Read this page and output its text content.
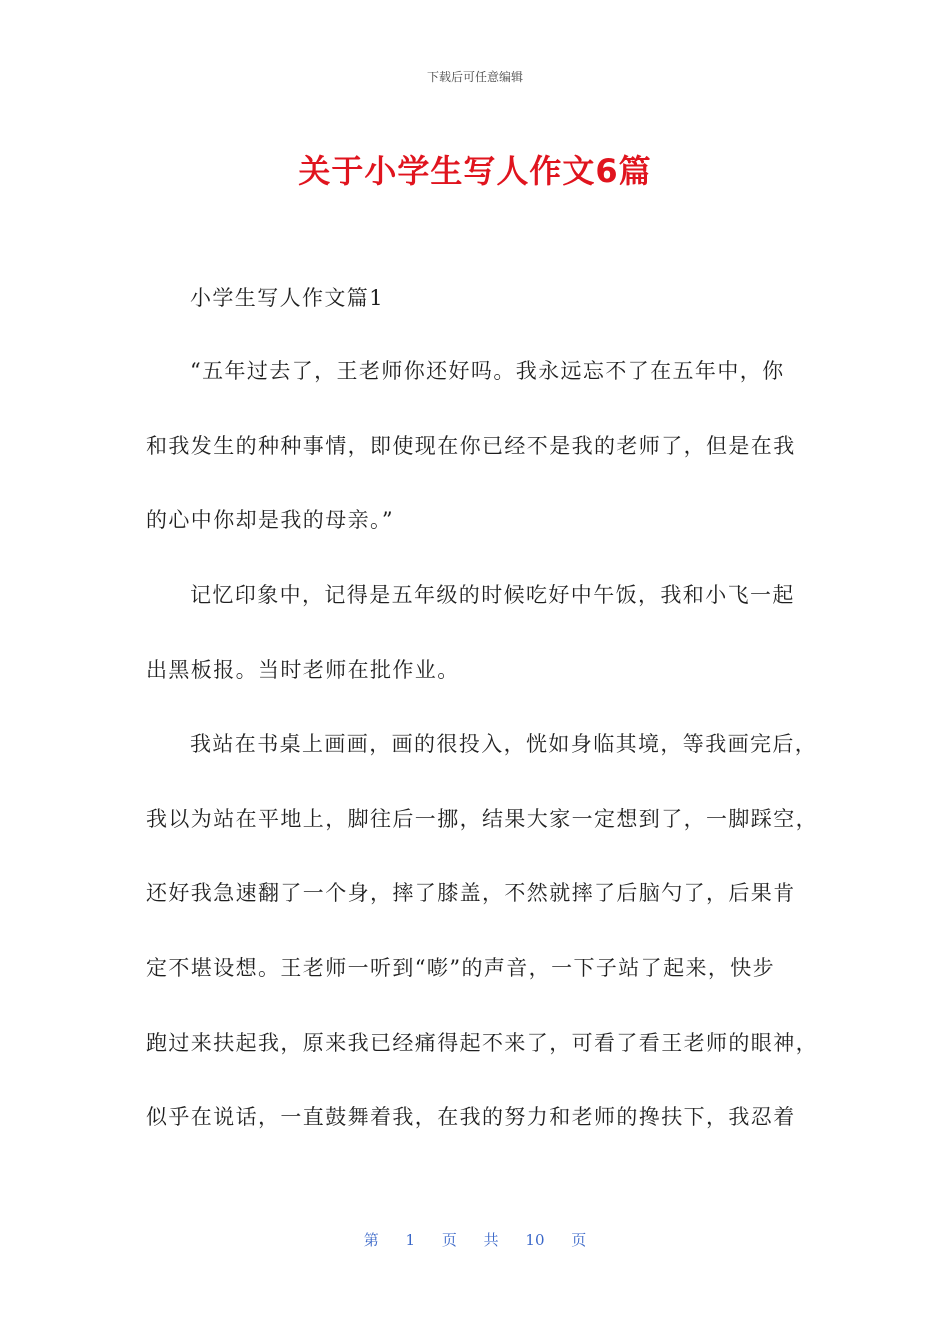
下载后可任意编辑
关于小学生写人作文6篇
小学生写人作文篇1
“五年过去了，王老师你还好吗。我永远忘不了在五年中，你
和我发生的种种事情，即使现在你已经不是我的老师了，但是在我
的心中你却是我的母亲。”
记忆印象中，记得是五年级的时候吃好中午饭，我和小飞一起
出黑板报。当时老师在批作业。
我站在书桌上画画，画的很投入，恍如身临其境，等我画完后，
我以为站在平地上，脚往后一挪，结果大家一定想到了，一脚踩空，
还好我急速翻了一个身，摔了膝盖，不然就摔了后脑勺了，后果肯
定不堪设想。王老师一听到“嘭”的声音，一下子站了起来，快步
跑过来扶起我，原来我已经痛得起不来了，可看了看王老师的眼神，
似乎在说话，一直鼓舞着我，在我的努力和老师的搀扶下，我忍着
第 1 页 共 10 页
